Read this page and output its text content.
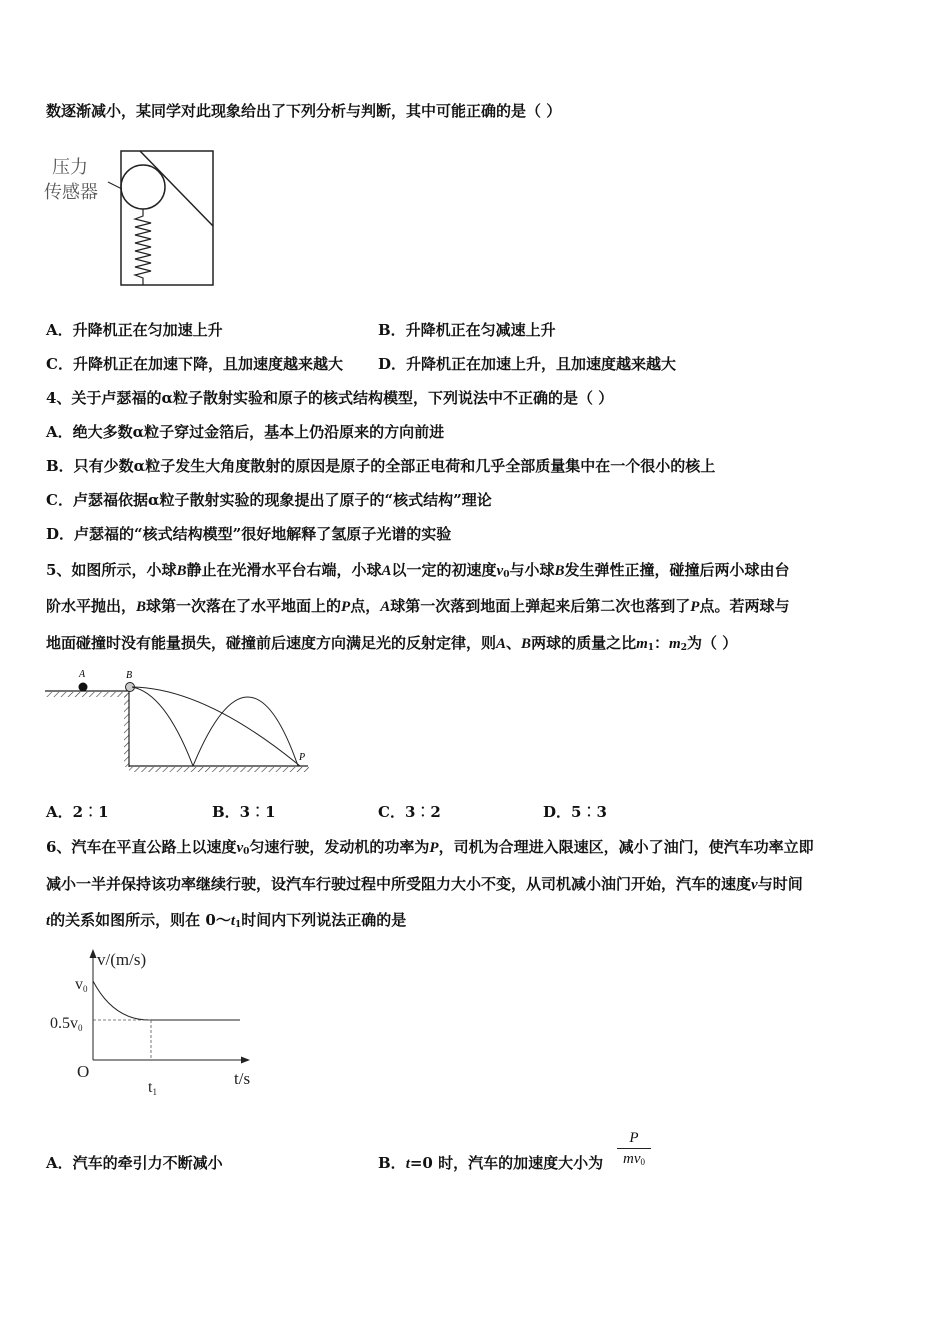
数逐渐减小，某同学对此现象给出了下列分析与判断，其中可能正确的是（ ）
压力
传感器
A．升降机正在匀加速上升	B．升降机正在匀减速上升
C．升降机正在加速下降，且加速度越来越大 D．升降机正在加速上升，且加速度越来越大
4、关于卢瑟福的α粒子散射实验和原子的核式结构模型，下列说法中不正确的是（ ）
A．绝大多数α粒子穿过金箔后，基本上仍沿原来的方向前进
B．只有少数α粒子发生大角度散射的原因是原子的全部正电荷和几乎全部质量集中在一个很小的核上
C．卢瑟福依据α粒子散射实验的现象提出了原子的“核式结构”理论
D．卢瑟福的“核式结构模型”很好地解释了氢原子光谱的实验
5、如图所示，小球B静止在光滑水平台右端，小球A以一定的初速度$v_0$与小球B发生弹性正撞，碰撞后两小球由台
阶水平抛出，B球第一次落在了水平地面上的P点，A球第一次落到地面上弹起来后第二次也落到了P点。若两球与
地面碰撞时没有能量损失，碰撞前后速度方向满足光的反射定律，则A、B两球的质量之比$m_1$：$m_2$为（ ）
A	B
P
A．2︰1	B．3︰1	C．3︰2	D．5︰3
6、汽车在平直公路上以速度$v_0$匀速行驶，发动机的功率为P，司机为合理进入限速区，减小了油门，使汽车功率立即
减小一半并保持该功率继续行驶，设汽车行驶过程中所受阻力大小不变，从司机减小油门开始，汽车的速度v与时间
t的关系如图所示，则在 $0\sim t_1$时间内下列说法正确的是
v/(m/s)
v0
0.5v0
O
t1
t/s
A．汽车的牵引力不断减小	B．t=0 时，汽车的加速度大小为 $\frac{P}{mv_0}$
